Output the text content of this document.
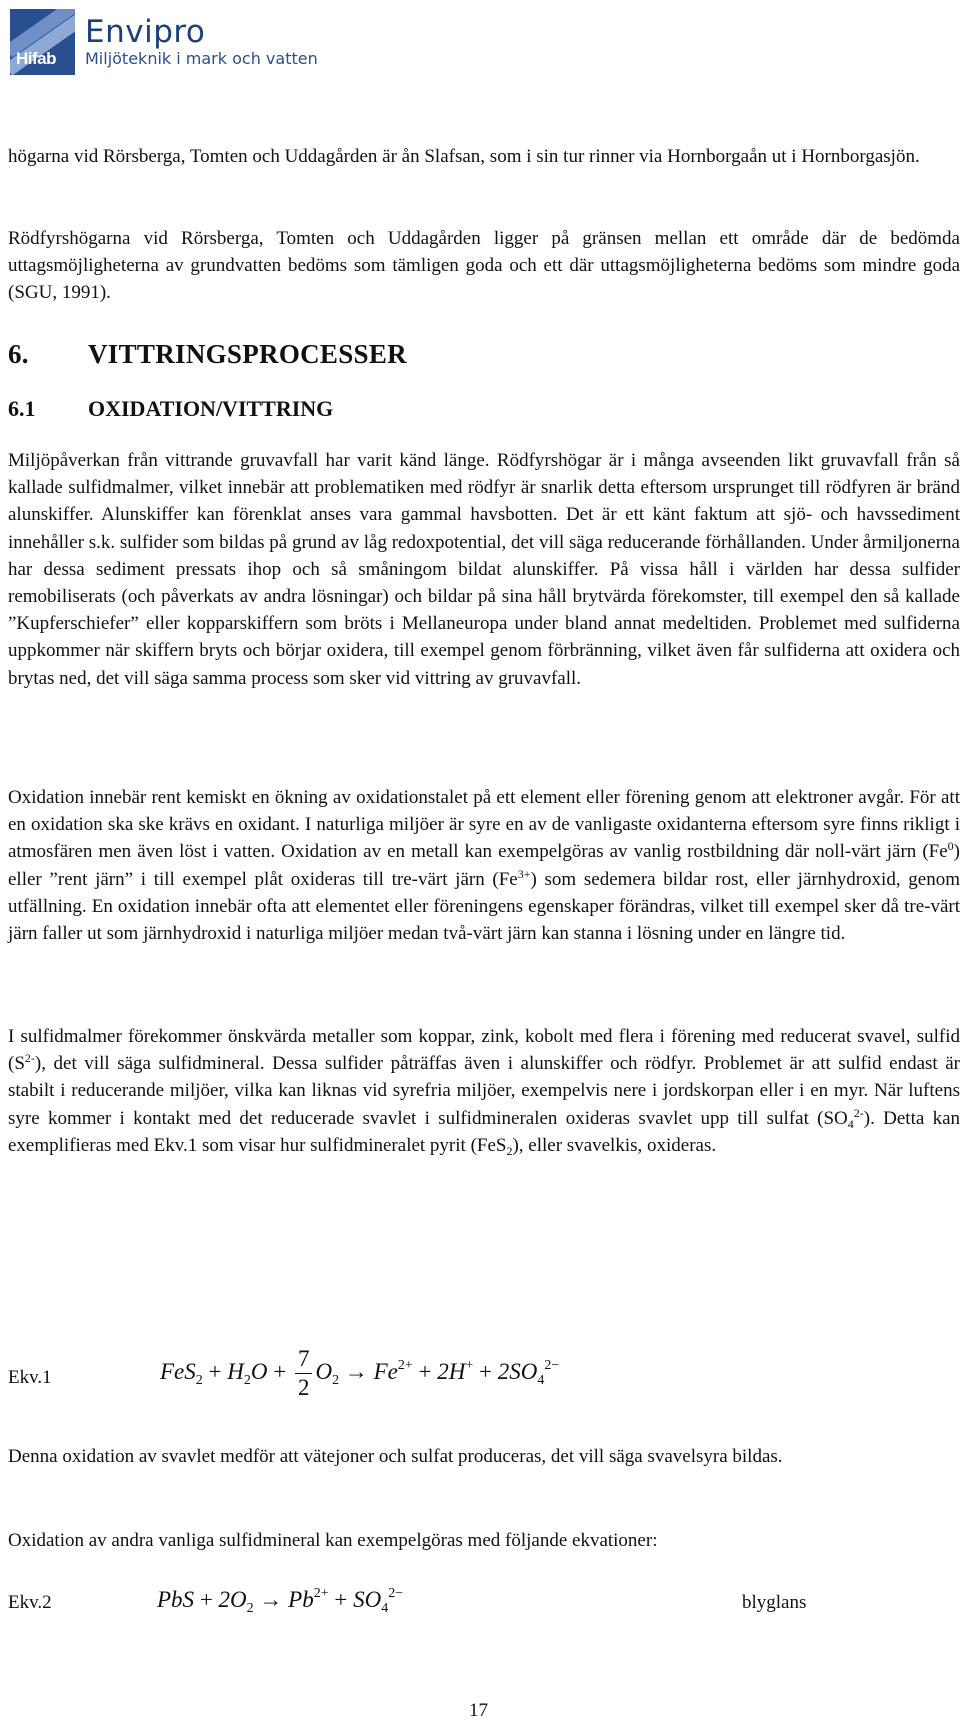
Hifab
Envipro
Miljöteknik i mark och vatten
högarna vid Rörsberga, Tomten och Uddagården är ån Slafsan, som i sin tur rinner via Hornborgaån ut i Hornborgasjön.
Rödfyrshögarna vid Rörsberga, Tomten och Uddagården ligger på gränsen mellan ett område där de bedömda uttagsmöjligheterna av grundvatten bedöms som tämligen goda och ett där uttagsmöjligheterna bedöms som mindre goda (SGU, 1991).
6. VITTRINGSPROCESSER
6.1 OXIDATION/VITTRING
Miljöpåverkan från vittrande gruvavfall har varit känd länge. Rödfyrshögar är i många avseenden likt gruvavfall från så kallade sulfidmalmer, vilket innebär att problematiken med rödfyr är snarlik detta eftersom ursprunget till rödfyren är bränd alunskiffer. Alunskiffer kan förenklat anses vara gammal havsbotten. Det är ett känt faktum att sjö- och havssediment innehåller s.k. sulfider som bildas på grund av låg redoxpotential, det vill säga reducerande förhållanden. Under årmiljonerna har dessa sediment pressats ihop och så småningom bildat alunskiffer. På vissa håll i världen har dessa sulfider remobiliserats (och påverkats av andra lösningar) och bildar på sina håll brytvärda förekomster, till exempel den så kallade ”Kupferschiefer” eller kopparskiffern som bröts i Mellaneuropa under bland annat medeltiden. Problemet med sulfiderna uppkommer när skiffern bryts och börjar oxidera, till exempel genom förbränning, vilket även får sulfiderna att oxidera och brytas ned, det vill säga samma process som sker vid vittring av gruvavfall.
Oxidation innebär rent kemiskt en ökning av oxidationstalet på ett element eller förening genom att elektroner avgår. För att en oxidation ska ske krävs en oxidant. I naturliga miljöer är syre en av de vanligaste oxidanterna eftersom syre finns rikligt i atmosfären men även löst i vatten. Oxidation av en metall kan exempelgöras av vanlig rostbildning där noll-värt järn (Fe$^0$) eller ”rent järn” i till exempel plåt oxideras till tre-värt järn $(Fe^{3+})$ som sedemera bildar rost, eller järnhydroxid, genom utfällning. En oxidation innebär ofta att elementet eller föreningens egenskaper förändras, vilket till exempel sker då tre-värt järn faller ut som järnhydroxid i naturliga miljöer medan två-värt järn kan stanna i lösning under en längre tid.
I sulfidmalmer förekommer önskvärda metaller som koppar, zink, kobolt med flera i förening med reducerat svavel, sulfid $(S^{2-})$, det vill säga sulfidmineral. Dessa sulfider påträffas även i alunskiffer och rödfyr. Problemet är att sulfid endast är stabilt i reducerande miljöer, vilka kan liknas vid syrefria miljöer, exempelvis nere i jordskorpan eller i en myr. När luftens syre kommer i kontakt med det reducerade svavlet i sulfidmineralen oxideras svavlet upp till sulfat $(SO_4^{2-})$. Detta kan exemplifieras med Ekv.1 som visar hur sulfidmineralet pyrit (FeS$_2$), eller svavelkis, oxideras.
Ekv.1	$FeS_2 + H_2O + \frac{7}{2} O_2 \to Fe^{2+} + 2H^+ + 2SO_4^{2-}$
Denna oxidation av svavlet medför att vätejoner och sulfat produceras, det vill säga svavelsyra bildas.
Oxidation av andra vanliga sulfidmineral kan exempelgöras med följande ekvationer:
Ekv.2	PbS + $2O_2 \to Pb^{2+} + SO_4^{2-}$	blyglans
17
